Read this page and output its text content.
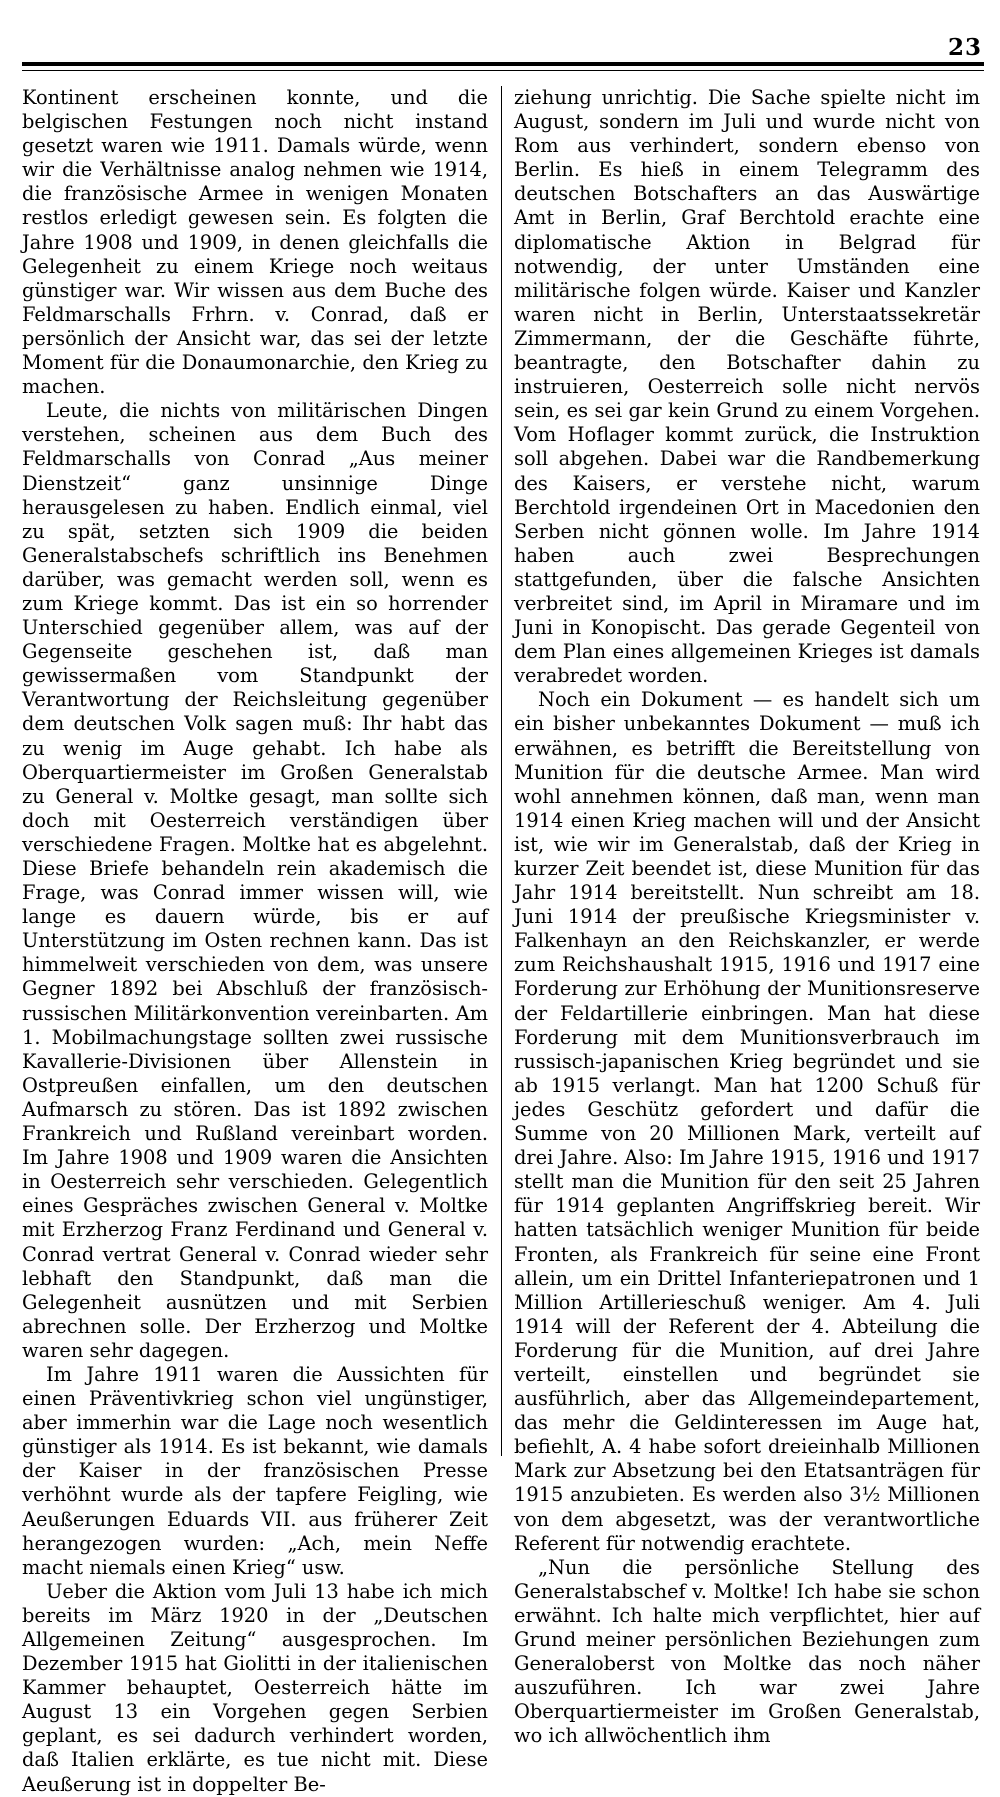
23

Kontinent erscheinen konnte, und die belgischen Festungen noch nicht instand gesetzt waren wie 1911. Damals würde, wenn wir die Verhältnisse analog nehmen wie 1914, die französische Armee in wenigen Monaten restlos erledigt gewesen sein. Es folgten die Jahre 1908 und 1909, in denen gleichfalls die Gelegenheit zu einem Kriege noch weitaus günstiger war. Wir wissen aus dem Buche des Feldmarschalls Frhrn. v. Conrad, daß er persönlich der Ansicht war, das sei der letzte Moment für die Donaumonarchie, den Krieg zu machen.

Leute, die nichts von militärischen Dingen verstehen, scheinen aus dem Buch des Feldmarschalls von Conrad „Aus meiner Dienstzeit“ ganz unsinnige Dinge herausgelesen zu haben. Endlich einmal, viel zu spät, setzten sich 1909 die beiden Generalstabschefs schriftlich ins Benehmen darüber, was gemacht werden soll, wenn es zum Kriege kommt. Das ist ein so horrender Unterschied gegenüber allem, was auf der Gegenseite geschehen ist, daß man gewissermaßen vom Standpunkt der Verantwortung der Reichsleitung gegenüber dem deutschen Volk sagen muß: Ihr habt das zu wenig im Auge gehabt. Ich habe als Oberquartiermeister im Großen Generalstab zu General v. Moltke gesagt, man sollte sich doch mit Oesterreich verständigen über verschiedene Fragen. Moltke hat es abgelehnt. Diese Briefe behandeln rein akademisch die Frage, was Conrad immer wissen will, wie lange es dauern würde, bis er auf Unterstützung im Osten rechnen kann. Das ist himmelweit verschieden von dem, was unsere Gegner 1892 bei Abschluß der französisch-russischen Militärkonvention vereinbarten. Am 1. Mobilmachungstage sollten zwei russische Kavallerie-Divisionen über Allenstein in Ostpreußen einfallen, um den deutschen Aufmarsch zu stören. Das ist 1892 zwischen Frankreich und Rußland vereinbart worden. Im Jahre 1908 und 1909 waren die Ansichten in Oesterreich sehr verschieden. Gelegentlich eines Gespräches zwischen General v. Moltke mit Erzherzog Franz Ferdinand und General v. Conrad vertrat General v. Conrad wieder sehr lebhaft den Standpunkt, daß man die Gelegenheit ausnützen und mit Serbien abrechnen solle. Der Erzherzog und Moltke waren sehr dagegen.

Im Jahre 1911 waren die Aussichten für einen Präventivkrieg schon viel ungünstiger, aber immerhin war die Lage noch wesentlich günstiger als 1914. Es ist bekannt, wie damals der Kaiser in der französischen Presse verhöhnt wurde als der tapfere Feigling, wie Aeußerungen Eduards VII. aus früherer Zeit herangezogen wurden: „Ach, mein Neffe macht niemals einen Krieg“ usw.

Ueber die Aktion vom Juli 13 habe ich mich bereits im März 1920 in der „Deutschen Allgemeinen Zeitung“ ausgesprochen. Im Dezember 1915 hat Giolitti in der italienischen Kammer behauptet, Oesterreich hätte im August 13 ein Vorgehen gegen Serbien geplant, es sei dadurch verhindert worden, daß Italien erklärte, es tue nicht mit. Diese Aeußerung ist in doppelter Be-

ziehung unrichtig. Die Sache spielte nicht im August, sondern im Juli und wurde nicht von Rom aus verhindert, sondern ebenso von Berlin. Es hieß in einem Telegramm des deutschen Botschafters an das Auswärtige Amt in Berlin, Graf Berchtold erachte eine diplomatische Aktion in Belgrad für notwendig, der unter Umständen eine militärische folgen würde. Kaiser und Kanzler waren nicht in Berlin, Unterstaatssekretär Zimmermann, der die Geschäfte führte, beantragte, den Botschafter dahin zu instruieren, Oesterreich solle nicht nervös sein, es sei gar kein Grund zu einem Vorgehen. Vom Hoflager kommt zurück, die Instruktion soll abgehen. Dabei war die Randbemerkung des Kaisers, er verstehe nicht, warum Berchtold irgendeinen Ort in Macedonien den Serben nicht gönnen wolle. Im Jahre 1914 haben auch zwei Besprechungen stattgefunden, über die falsche Ansichten verbreitet sind, im April in Miramare und im Juni in Konopischt. Das gerade Gegenteil von dem Plan eines allgemeinen Krieges ist damals verabredet worden.

Noch ein Dokument — es handelt sich um ein bisher unbekanntes Dokument — muß ich erwähnen, es betrifft die Bereitstellung von Munition für die deutsche Armee. Man wird wohl annehmen können, daß man, wenn man 1914 einen Krieg machen will und der Ansicht ist, wie wir im Generalstab, daß der Krieg in kurzer Zeit beendet ist, diese Munition für das Jahr 1914 bereitstellt. Nun schreibt am 18. Juni 1914 der preußische Kriegsminister v. Falkenhayn an den Reichskanzler, er werde zum Reichshaushalt 1915, 1916 und 1917 eine Forderung zur Erhöhung der Munitionsreserve der Feldartillerie einbringen. Man hat diese Forderung mit dem Munitionsverbrauch im russisch-japanischen Krieg begründet und sie ab 1915 verlangt. Man hat 1200 Schuß für jedes Geschütz gefordert und dafür die Summe von 20 Millionen Mark, verteilt auf drei Jahre. Also: Im Jahre 1915, 1916 und 1917 stellt man die Munition für den seit 25 Jahren für 1914 geplanten Angriffskrieg bereit. Wir hatten tatsächlich weniger Munition für beide Fronten, als Frankreich für seine eine Front allein, um ein Drittel Infanteriepatronen und 1 Million Artillerieschuß weniger. Am 4. Juli 1914 will der Referent der 4. Abteilung die Forderung für die Munition, auf drei Jahre verteilt, einstellen und begründet sie ausführlich, aber das Allgemeindepartement, das mehr die Geldinteressen im Auge hat, befiehlt, A. 4 habe sofort dreieinhalb Millionen Mark zur Absetzung bei den Etatsanträgen für 1915 anzubieten. Es werden also 3½ Millionen von dem abgesetzt, was der verantwortliche Referent für notwendig erachtete.

„Nun die persönliche Stellung des Generalstabschef v. Moltke! Ich habe sie schon erwähnt. Ich halte mich verpflichtet, hier auf Grund meiner persönlichen Beziehungen zum Generaloberst von Moltke das noch näher auszuführen. Ich war zwei Jahre Oberquartiermeister im Großen Generalstab, wo ich allwöchentlich ihm
